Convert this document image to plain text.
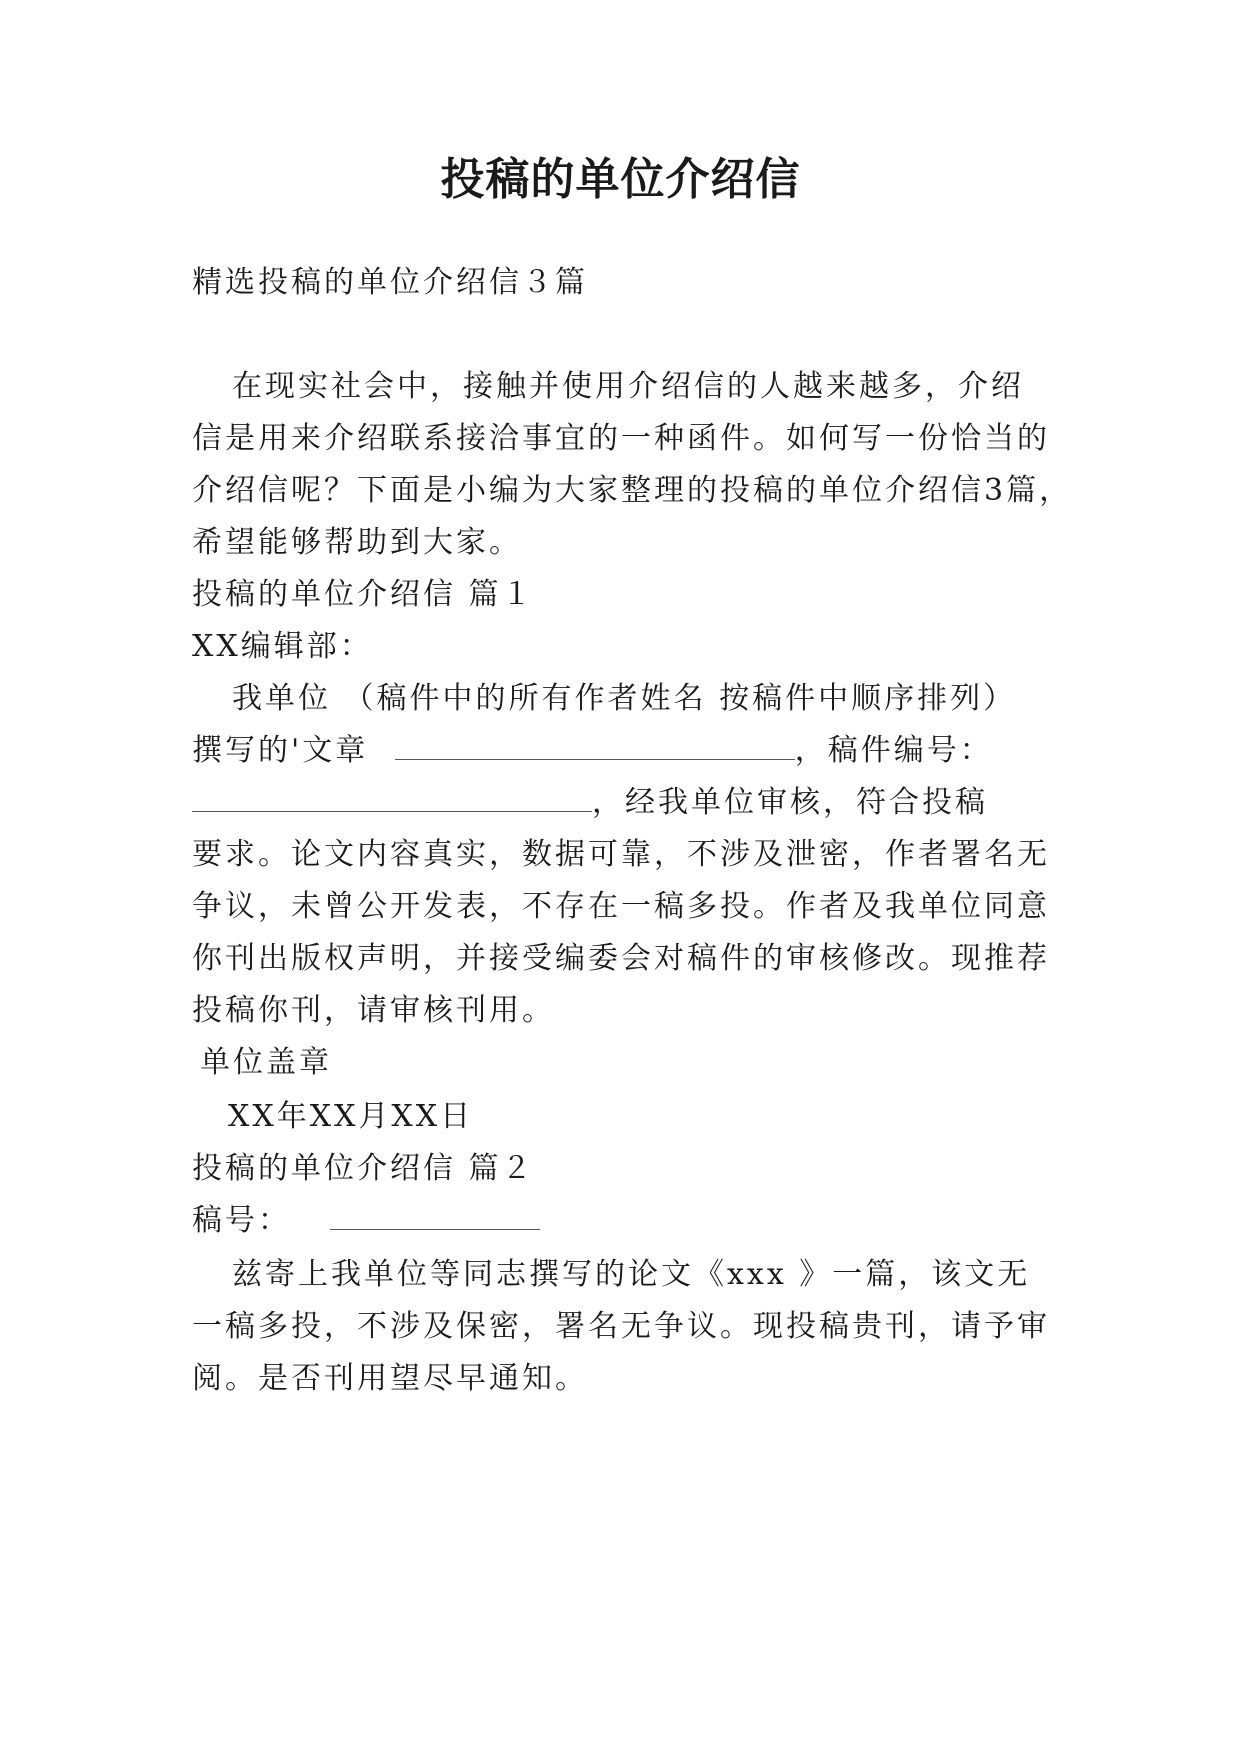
投稿的单位介绍信
精选投稿的单位介绍信３篇
在现实社会中，接触并使用介绍信的人越来越多，介绍
信是用来介绍联系接洽事宜的一种函件。如何写一份恰当的
介绍信呢？下面是小编为大家整理的投稿的单位介绍信3篇，
希望能够帮助到大家。
投稿的单位介绍信 篇１
XX编辑部：
我单位 （稿件中的所有作者姓名 按稿件中顺序排列）
撰写的'文章	，稿件编号：
，经我单位审核，符合投稿
要求。论文内容真实，数据可靠，不涉及泄密，作者署名无
争议，未曾公开发表，不存在一稿多投。作者及我单位同意
你刊出版权声明，并接受编委会对稿件的审核修改。现推荐
投稿你刊，请审核刊用。
单位盖章
XX年XX月XX日
投稿的单位介绍信 篇２
稿号：
兹寄上我单位等同志撰写的论文《xxx 》一篇，该文无
一稿多投，不涉及保密，署名无争议。现投稿贵刊，请予审
阅。是否刊用望尽早通知。
